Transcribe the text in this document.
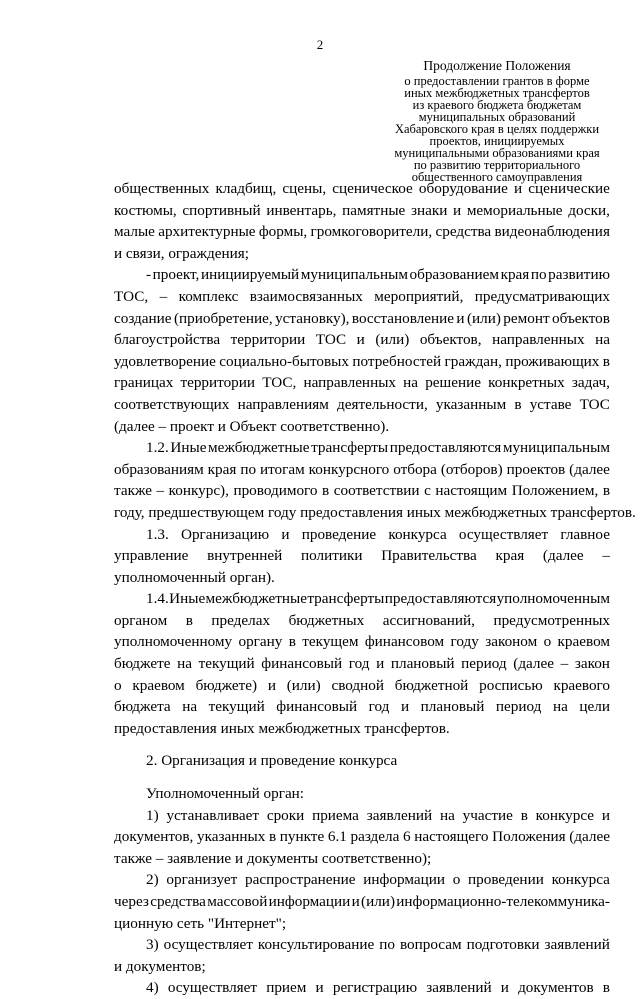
2
Продолжение Положения
о предоставлении грантов в форме
иных межбюджетных трансфертов
из краевого бюджета бюджетам
муниципальных образований
Хабаровского края в целях поддержки
проектов, инициируемых
муниципальными образованиями края
по развитию территориального
общественного самоуправления
общественных кладбищ, сцены, сценическое оборудование и сценические
костюмы, спортивный инвентарь, памятные знаки и мемориальные доски,
малые архитектурные формы, громкоговорители, средства видеонаблюдения
и связи, ограждения;
- проект, инициируемый муниципальным образованием края по развитию
ТОС, – комплекс взаимосвязанных мероприятий, предусматривающих
создание (приобретение, установку), восстановление и (или) ремонт объектов
благоустройства территории ТОС и (или) объектов, направленных на
удовлетворение социально-бытовых потребностей граждан, проживающих в
границах территории ТОС, направленных на решение конкретных задач,
соответствующих направлениям деятельности, указанным в уставе ТОС
(далее – проект и Объект соответственно).
1.2. Иные межбюджетные трансферты предоставляются муниципальным
образованиям края по итогам конкурсного отбора (отборов) проектов (далее
также – конкурс), проводимого в соответствии с настоящим Положением, в
году, предшествующем году предоставления иных межбюджетных трансфертов.
1.3. Организацию и проведение конкурса осуществляет главное
управление внутренней политики Правительства края (далее –
уполномоченный орган).
1.4. Иные межбюджетные трансферты предоставляются уполномоченным
органом в пределах бюджетных ассигнований, предусмотренных
уполномоченному органу в текущем финансовом году законом о краевом
бюджете на текущий финансовый год и плановый период (далее – закон
о краевом бюджете) и (или) сводной бюджетной росписью краевого
бюджета на текущий финансовый год и плановый период на цели
предоставления иных межбюджетных трансфертов.
2. Организация и проведение конкурса
Уполномоченный орган:
1) устанавливает сроки приема заявлений на участие в конкурсе и
документов, указанных в пункте 6.1 раздела 6 настоящего Положения (далее
также – заявление и документы соответственно);
2) организует распространение информации о проведении конкурса
через средства массовой информации и (или) информационно-телекоммуника-
ционную сеть "Интернет";
3) осуществляет консультирование по вопросам подготовки заявлений
и документов;
4) осуществляет прием и регистрацию заявлений и документов в
